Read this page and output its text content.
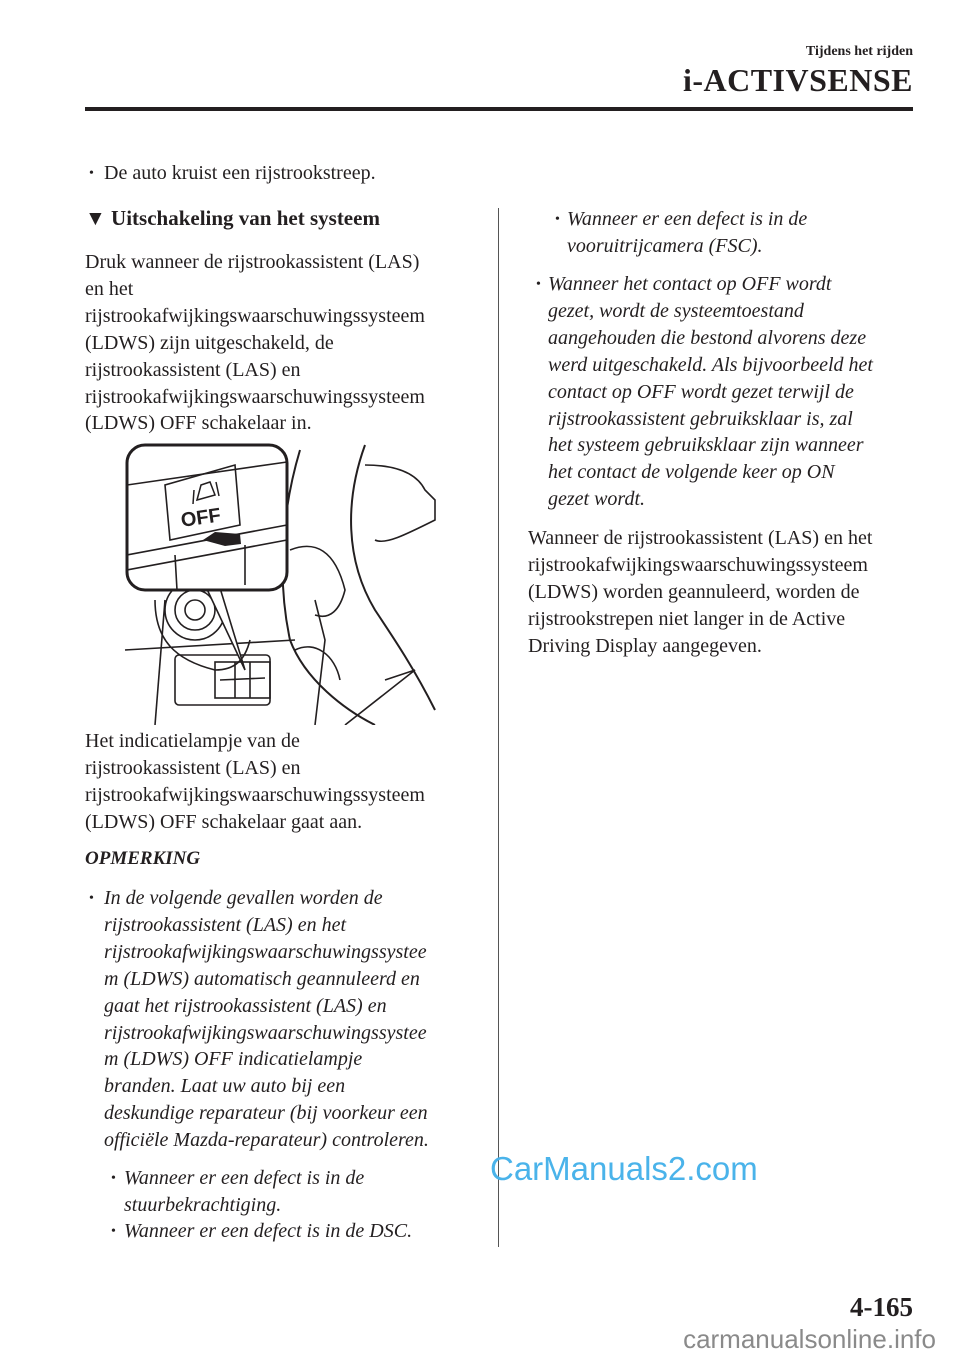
Tijdens het rijden
i-ACTIVSENSE
• De auto kruist een rijstrookstreep.
▼ Uitschakeling van het systeem
Druk wanneer de rijstrookassistent (LAS)
en het
rijstrookafwijkingswaarschuwingssysteem
(LDWS) zijn uitgeschakeld, de
rijstrookassistent (LAS) en
rijstrookafwijkingswaarschuwingssysteem
(LDWS) OFF schakelaar in.
OFF
Het indicatielampje van de
rijstrookassistent (LAS) en
rijstrookafwijkingswaarschuwingssysteem
(LDWS) OFF schakelaar gaat aan.
OPMERKING
• In de volgende gevallen worden de
rijstrookassistent (LAS) en het
rijstrookafwijkingswaarschuwingssystee
m (LDWS) automatisch geannuleerd en
gaat het rijstrookassistent (LAS) en
rijstrookafwijkingswaarschuwingssystee
m (LDWS) OFF indicatielampje
branden. Laat uw auto bij een
deskundige reparateur (bij voorkeur een
officiële Mazda-reparateur) controleren.
• Wanneer er een defect is in de
stuurbekrachtiging.
• Wanneer er een defect is in de DSC.
• Wanneer er een defect is in de
vooruitrijcamera (FSC).
• Wanneer het contact op OFF wordt
gezet, wordt de systeemtoestand
aangehouden die bestond alvorens deze
werd uitgeschakeld. Als bijvoorbeeld het
contact op OFF wordt gezet terwijl de
rijstrookassistent gebruiksklaar is, zal
het systeem gebruiksklaar zijn wanneer
het contact de volgende keer op ON
gezet wordt.
Wanneer de rijstrookassistent (LAS) en het
rijstrookafwijkingswaarschuwingssysteem
(LDWS) worden geannuleerd, worden de
rijstrookstrepen niet langer in de Active
Driving Display aangegeven.
CarManuals2.com
4-165
carmanualsonline.info
